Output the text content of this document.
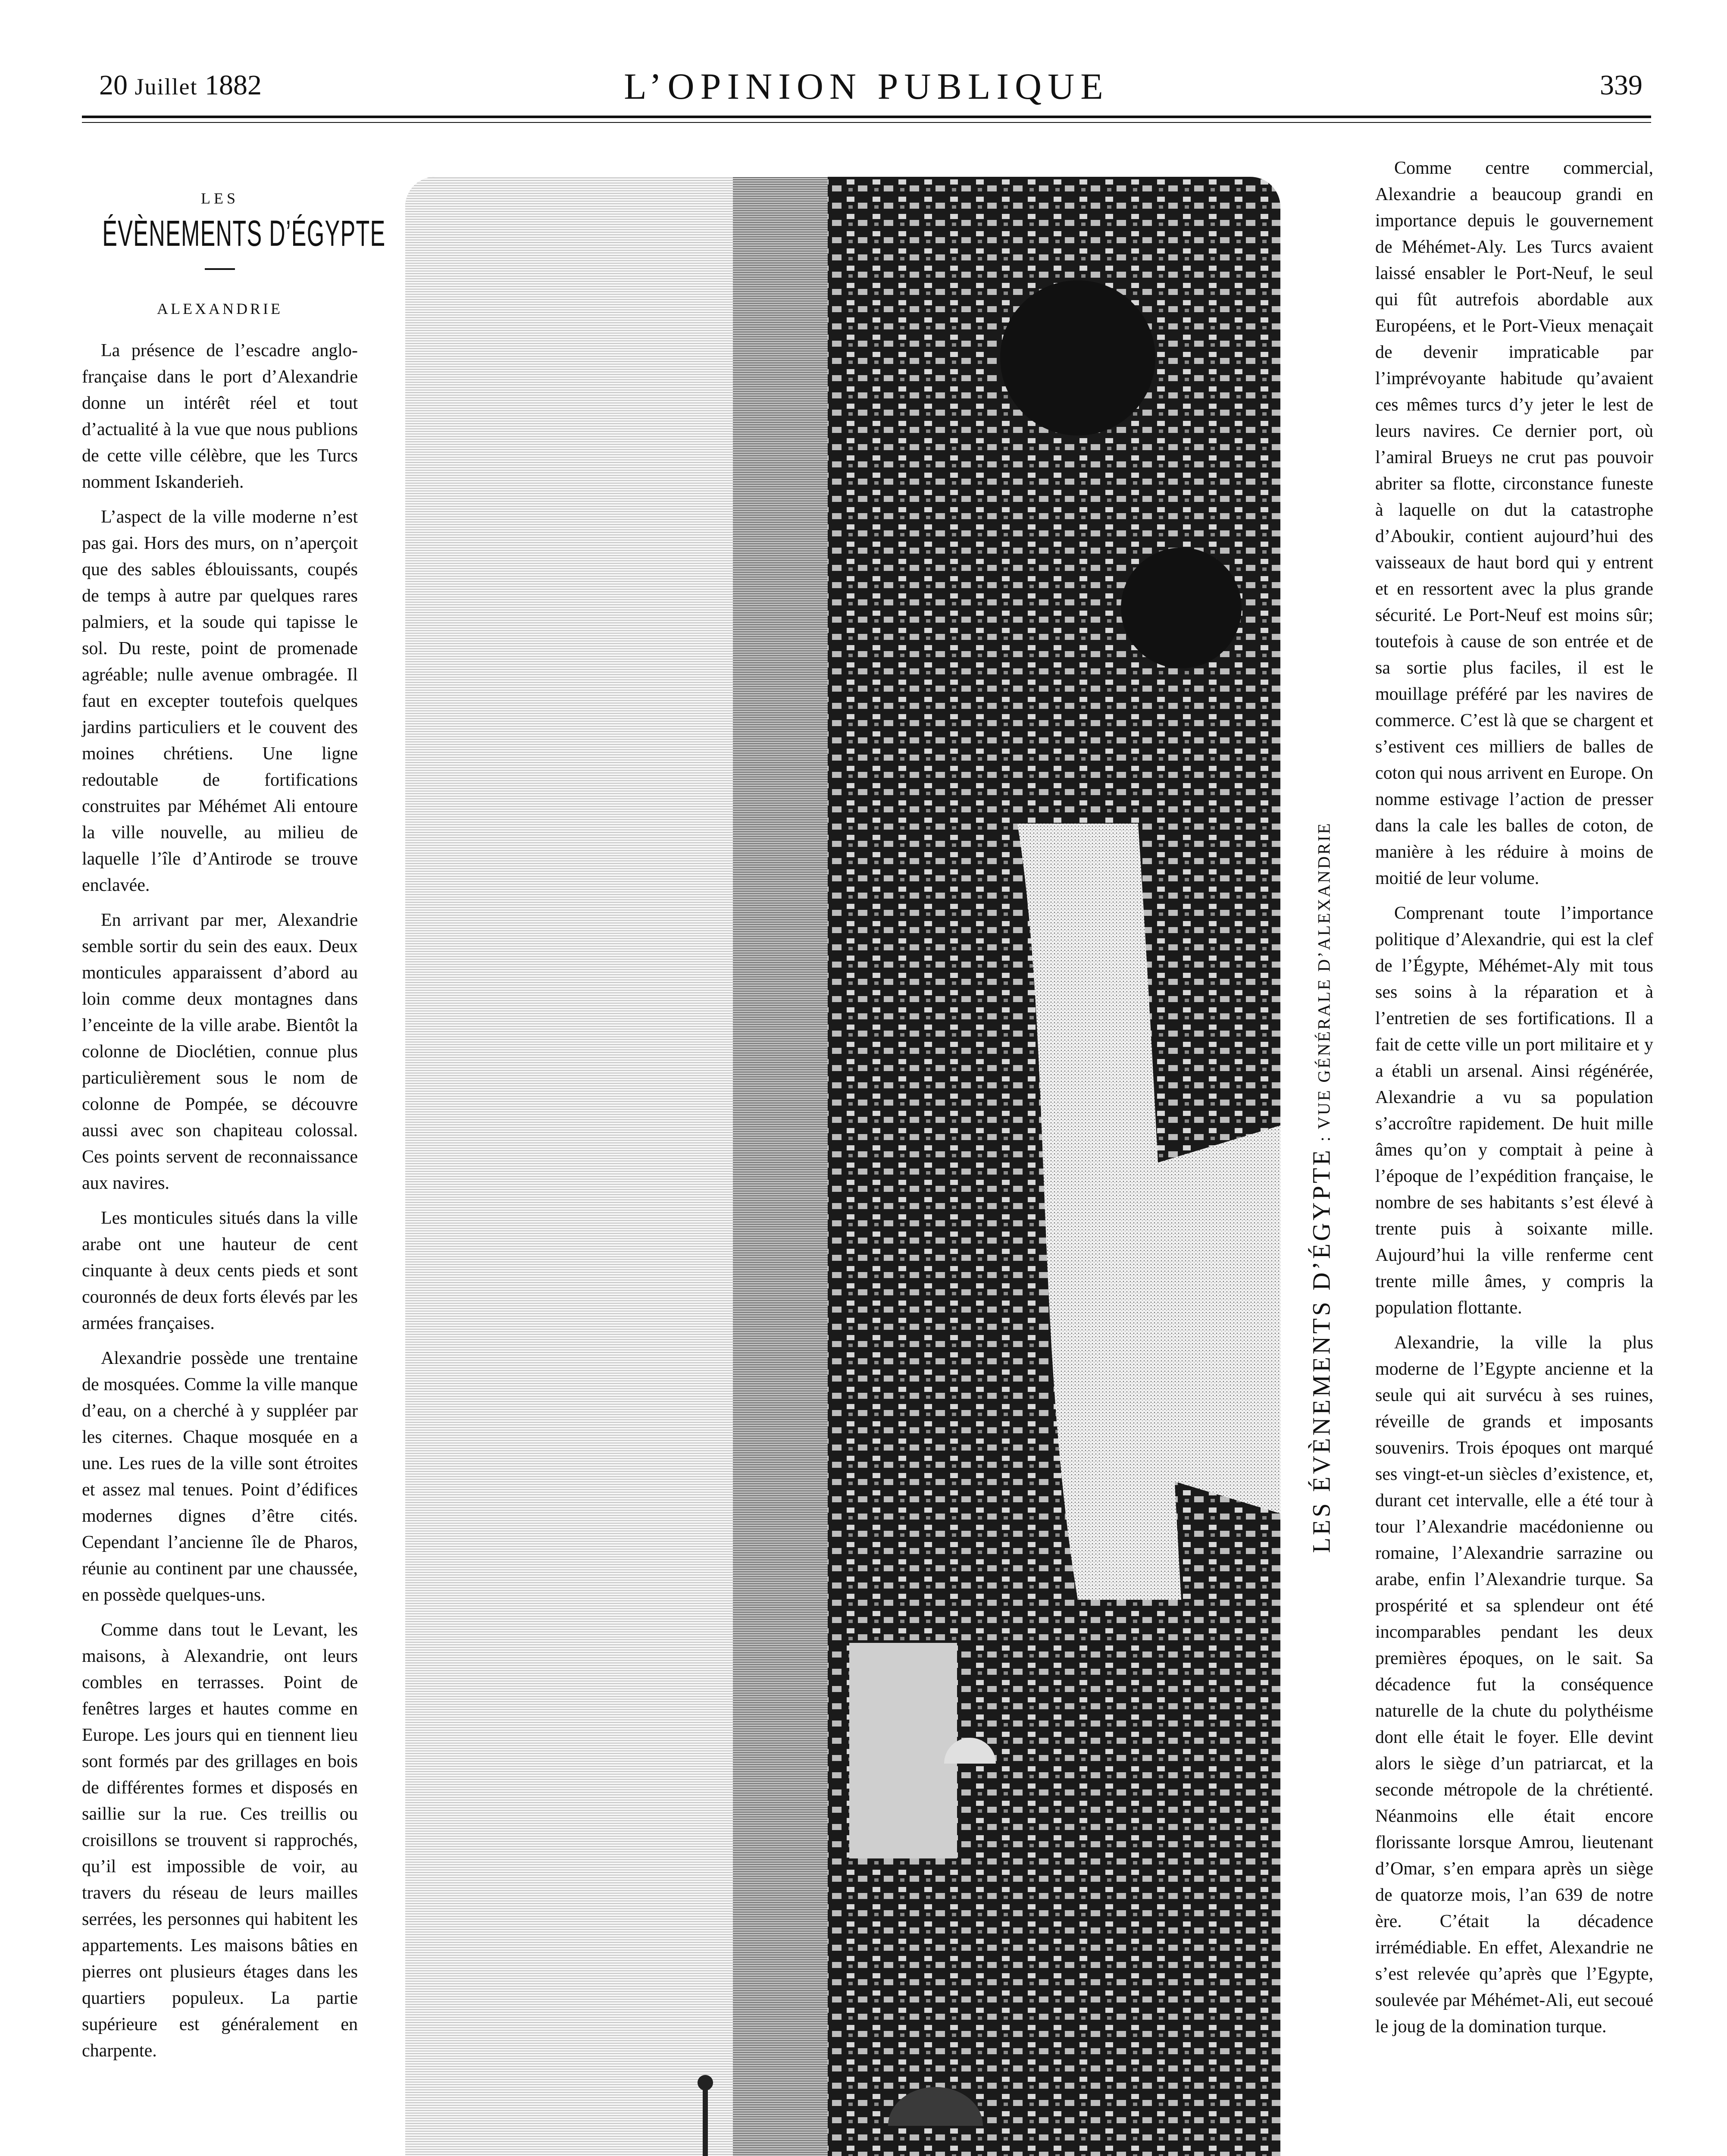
20 Juillet 1882	L’OPINION PUBLIQUE	339
LES
ÉVÈNEMENTS D’ÉGYPTE
ALEXANDRIE

La présence de l’escadre anglo-française dans le port d’Alexandrie donne un intérêt réel et tout d’actualité à la vue que nous publions de cette ville célèbre, que les Turcs nomment Iskanderieh.

L’aspect de la ville moderne n’est pas gai. Hors des murs, on n’aperçoit que des sables éblouissants, coupés de temps à autre par quelques rares palmiers, et la soude qui tapisse le sol. Du reste, point de promenade agréable; nulle avenue ombragée. Il faut en excepter toutefois quelques jardins particuliers et le couvent des moines chrétiens. Une ligne redoutable de fortifications construites par Méhémet Ali entoure la ville nouvelle, au milieu de laquelle l’île d’Antirode se trouve enclavée.

En arrivant par mer, Alexandrie semble sortir du sein des eaux. Deux monticules apparaissent d’abord au loin comme deux montagnes dans l’enceinte de la ville arabe. Bientôt la colonne de Dioclétien, connue plus particulièrement sous le nom de colonne de Pompée, se découvre aussi avec son chapiteau colossal. Ces points servent de reconnaissance aux navires.

Les monticules situés dans la ville arabe ont une hauteur de cent cinquante à deux cents pieds et sont couronnés de deux forts élevés par les armées françaises.

Alexandrie possède une trentaine de mosquées. Comme la ville manque d’eau, on a cherché à y suppléer par les citernes. Chaque mosquée en a une. Les rues de la ville sont étroites et assez mal tenues. Point d’édifices modernes dignes d’être cités. Cependant l’ancienne île de Pharos, réunie au continent par une chaussée, en possède quelques-uns.

Comme dans tout le Levant, les maisons, à Alexandrie, ont leurs combles en terrasses. Point de fenêtres larges et hautes comme en Europe. Les jours qui en tiennent lieu sont formés par des grillages en bois de différentes formes et disposés en saillie sur la rue. Ces treillis ou croisillons se trouvent si rapprochés, qu’il est impossible de voir, au travers du réseau de leurs mailles serrées, les personnes qui habitent les appartements. Les maisons bâties en pierres ont plusieurs étages dans les quartiers populeux. La partie supérieure est généralement en charpente.

LES ÉVÈNEMENTS D’ÉGYPTE : VUE GÉNÉRALE D’ALEXANDRIE

Comme centre commercial, Alexandrie a beaucoup grandi en importance depuis le gouvernement de Méhémet-Aly. Les Turcs avaient laissé ensabler le Port-Neuf, le seul qui fût autrefois abordable aux Européens, et le Port-Vieux menaçait de devenir impraticable par l’imprévoyante habitude qu’avaient ces mêmes turcs d’y jeter le lest de leurs navires. Ce dernier port, où l’amiral Brueys ne crut pas pouvoir abriter sa flotte, circonstance funeste à laquelle on dut la catastrophe d’Aboukir, contient aujourd’hui des vaisseaux de haut bord qui y entrent et en ressortent avec la plus grande sécurité. Le Port-Neuf est moins sûr; toutefois à cause de son entrée et de sa sortie plus faciles, il est le mouillage préféré par les navires de commerce. C’est là que se chargent et s’estivent ces milliers de balles de coton qui nous arrivent en Europe. On nomme estivage l’action de presser dans la cale les balles de coton, de manière à les réduire à moins de moitié de leur volume.

Comprenant toute l’importance politique d’Alexandrie, qui est la clef de l’Égypte, Méhémet-Aly mit tous ses soins à la réparation et à l’entretien de ses fortifications. Il a fait de cette ville un port militaire et y a établi un arsenal. Ainsi régénérée, Alexandrie a vu sa population s’accroître rapidement. De huit mille âmes qu’on y comptait à peine à l’époque de l’expédition française, le nombre de ses habitants s’est élevé à trente puis à soixante mille. Aujourd’hui la ville renferme cent trente mille âmes, y compris la population flottante.

Alexandrie, la ville la plus moderne de l’Egypte ancienne et la seule qui ait survécu à ses ruines, réveille de grands et imposants souvenirs. Trois époques ont marqué ses vingt-et-un siècles d’existence, et, durant cet intervalle, elle a été tour à tour l’Alexandrie macédonienne ou romaine, l’Alexandrie sarrazine ou arabe, enfin l’Alexandrie turque. Sa prospérité et sa splendeur ont été incomparables pendant les deux premières époques, on le sait. Sa décadence fut la conséquence naturelle de la chute du polythéisme dont elle était le foyer. Elle devint alors le siège d’un patriarcat, et la seconde métropole de la chrétienté. Néanmoins elle était encore florissante lorsque Amrou, lieutenant d’Omar, s’en empara après un siège de quatorze mois, l’an 639 de notre ère. C’était la décadence irrémédiable. En effet, Alexandrie ne s’est relevée qu’après que l’Egypte, soulevée par Méhémet-Ali, eut secoué le joug de la domination turque.
